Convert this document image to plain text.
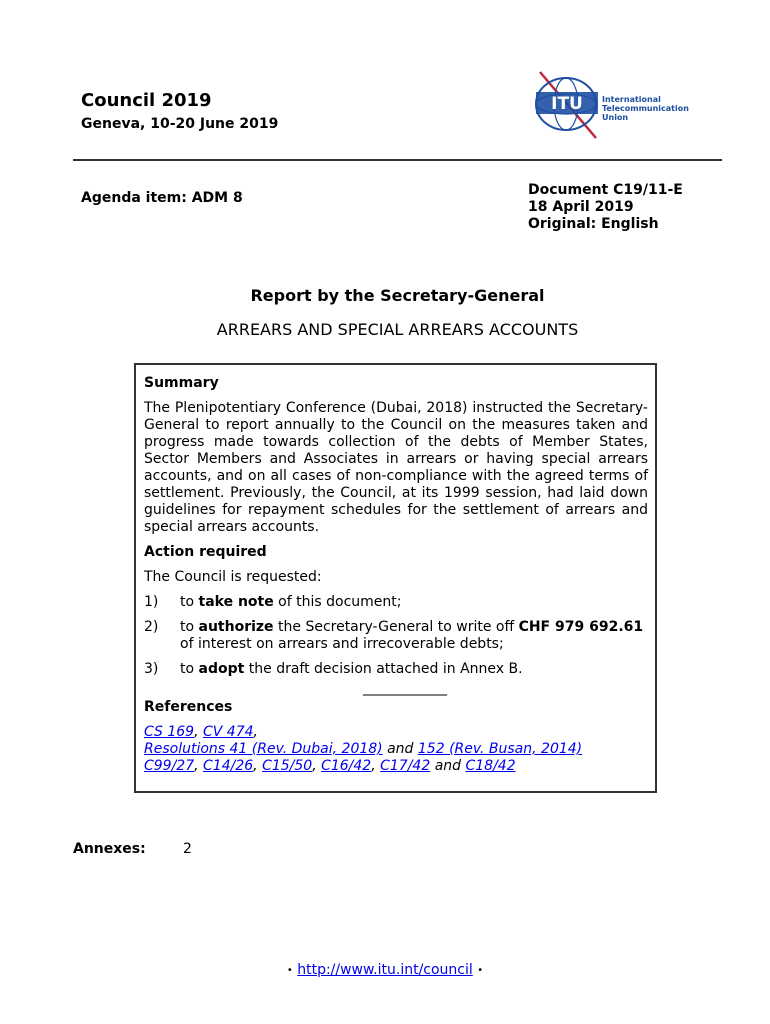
Council 2019
Geneva, 10-20 June 2019
ITU International
Telecommunication
Union
Agenda item: ADM 8	Document C19/11-E
18 April 2019
Original: English
Report by the Secretary-General
ARREARS AND SPECIAL ARREARS ACCOUNTS
Summary

The Plenipotentiary Conference (Dubai, 2018) instructed the Secretary-General to report annually to the Council on the measures taken and progress made towards collection of the debts of Member States, Sector Members and Associates in arrears or having special arrears accounts, and on all cases of non-compliance with the agreed terms of settlement. Previously, the Council, at its 1999 session, had laid down guidelines for repayment schedules for the settlement of arrears and special arrears accounts.

Action required

The Council is requested:

1)	to take note of this document;
2)	to authorize the Secretary-General to write off CHF 979 692.61 of interest on arrears and irrecoverable debts;
3)	to adopt the draft decision attached in Annex B.
____________
References
CS 169, CV 474,
Resolutions 41 (Rev. Dubai, 2018) and 152 (Rev. Busan, 2014)
C99/27, C14/26, C15/50, C16/42, C17/42 and C18/42
Annexes:	2
• http://www.itu.int/council •
